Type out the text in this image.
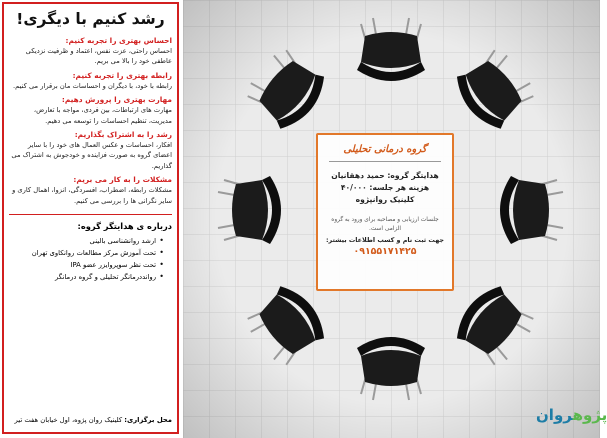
رشد کنیم با دیگری!
احساس بهتری را تجربه کنیم:
احساس راحتی، عزت نفس، اعتماد و ظرفیت نزدیکی عاطفی خود را بالا می بریم.
رابطه بهتری را تجربه کنیم:
رابطه با خود، با دیگران و احساسات مان برقرار می کنیم.
مهارت بهتری را پرورش دهیم:
مهارت های ارتباطات، بین فردی، مواجه با تعارض، مدیریت، تنظیم احساسات را توسعه می دهیم.
رشد را به اشتراک بگذاریم:
افکار، احساسات و عکس العمال های خود را با سایر اعضای گروه به صورت فزاینده و خودجوش به اشتراک می گذاریم.
مشکلات را به کار می بریم:
مشکلات رابطه، اضطراب، افسردگی، انزوا، اهمال کاری و سایر نگرانی ها را بررسی می کنیم.
درباره ی هدایتگر گروه:
• ارشد روانشناسی بالینی
• تحت آموزش مرکز مطالعات روانکاوی تهران
• تحت نظر سوپروایزر عضو IPA
• روانددرمانگر تحلیلی و گروه درمانگر
محل برگزاری: کلینیک روان پژوه، اول خیابان هفت تیر
گروه درمانی تحلیلی
هدایتگر گروه: حمید دهقانیان
هزینه هر جلسه: ۴۰/۰۰۰
کلینیک روانپژوه
جلسات ارزیابی و مصاحبه برای ورود به گروه الزامی است.
جهت ثبت نام و کسب اطلاعات بیشتر:
۰۹۱۵۵۱۷۱۴۲۵
پژوهروان
